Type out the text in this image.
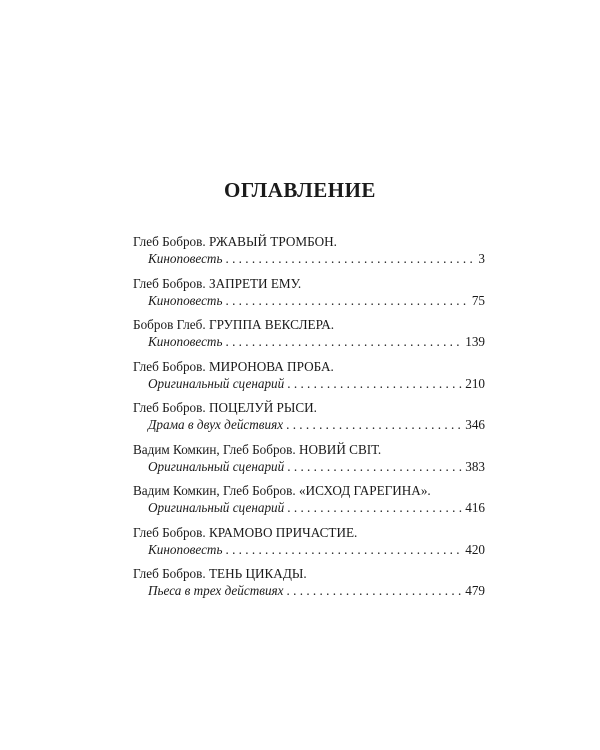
ОГЛАВЛЕНИЕ
Глеб Бобров. РЖАВЫЙ ТРОМБОН.
Киноповесть . . .	3
Глеб Бобров. ЗАПРЕТИ ЕМУ.
Киноповесть . . .	75
Бобров Глеб. ГРУППА ВЕКСЛЕРА.
Киноповесть . . .	139
Глеб Бобров. МИРОНОВА ПРОБА.
Оригинальный сценарий . . .	210
Глеб Бобров. ПОЦЕЛУЙ РЫСИ.
Драма в двух действиях . . .	346
Вадим Комкин, Глеб Бобров. НОВИЙ СВІТ.
Оригинальный сценарий . . .	383
Вадим Комкин, Глеб Бобров. «ИСХОД ГАРЕГИНА».
Оригинальный сценарий . . .	416
Глеб Бобров. КРАМОВО ПРИЧАСТИЕ.
Киноповесть . . .	420
Глеб Бобров. ТЕНЬ ЦИКАДЫ.
Пьеса в трех действиях . . .	479
